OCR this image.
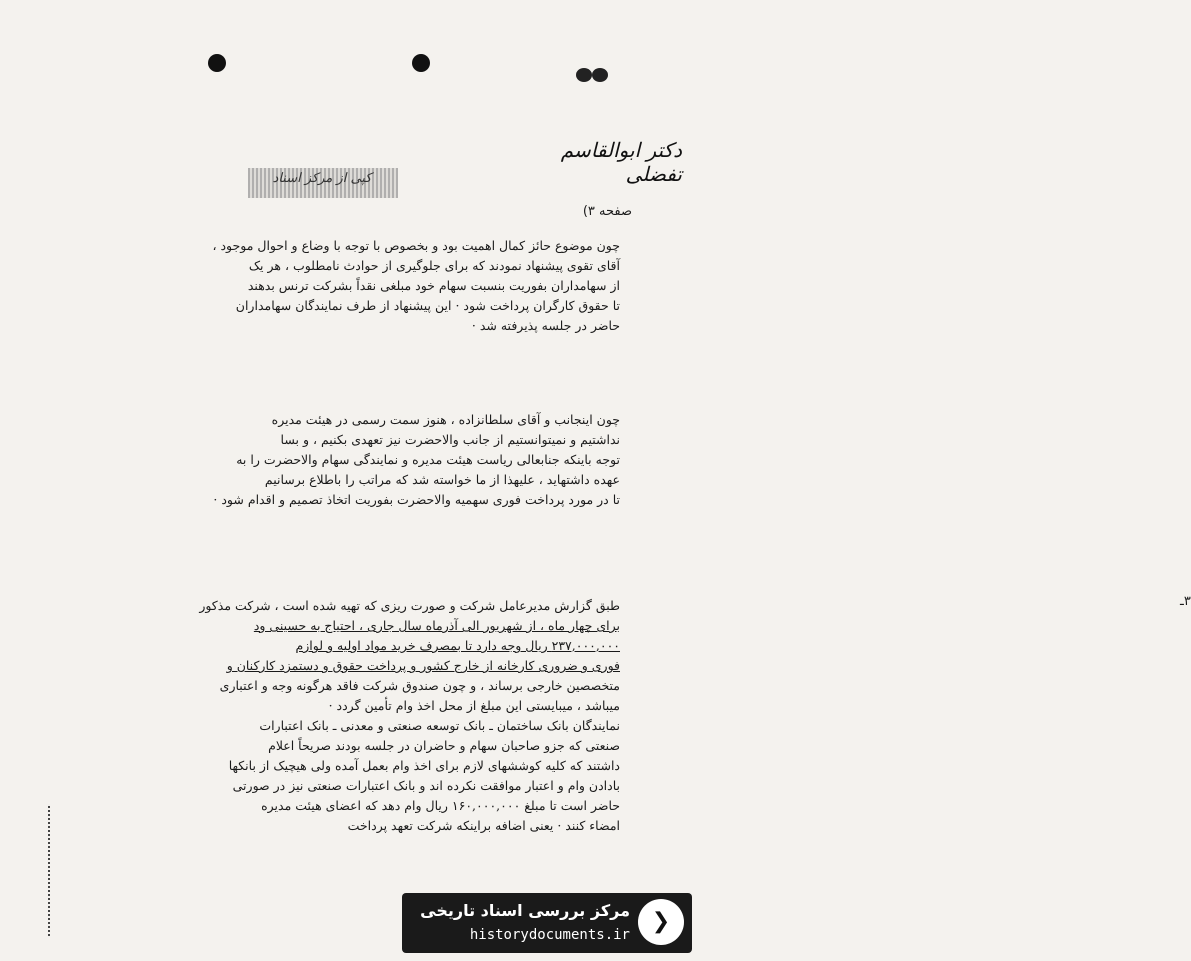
کپی از مرکز اسناد
دکتر ابوالقاسم تفضلی
صفحه ۳)
چون موضوع حائز کمال اهمیت بود و بخصوص با توجه با وضاع و احوال موجود ،
آقای تقوی پیشنهاد نمودند که برای جلوگیری از حوادث نامطلوب ، هر یک
از سهامداران بفوریت بنسبت سهام خود مبلغی نقداً بشرکت ترنس بدهند
تا حقوق کارگران پرداخت شود · این پیشنهاد از طرف نمایندگان سهامداران
حاضر در جلسه پذیرفته شد ·
چون اینجانب و آقای سلطانزاده ، هنوز سمت رسمی در هیئت مدیره
نداشتیم و نمیتوانستیم از جانب والاحضرت نیز تعهدی بکنیم ، و بسا
توجه باینکه جنابعالی ریاست هیئت مدیره و نمایندگی سهام والاحضرت را به
عهده داشتهاید ، علیهذا از ما خواسته شد که مراتب را باطلاع برسانیم
تا در مورد پرداخت فوری سهمیه والاحضرت بفوریت اتخاذ تصمیم و اقدام شود ·
۳ـ
طبق گزارش مدیرعامل شرکت و صورت ریزی که تهیه شده است ، شرکت مذکور
برای چهار ماه ، از شهریور الی آذرماه سال جاری ، احتیاج به حسینی ود
۲۳۷,۰۰۰,۰۰۰ ریال وجه دارد تا بمصرف خرید مواد اولیه و لوازم
فوری و ضروری کارخانه از خارج کشور و پرداخت حقوق و دستمزد کارکنان و
متخصصین خارجی برساند ، و چون صندوق شرکت فاقد هرگونه وجه و اعتباری
میباشد ، میبایستی این مبلغ از محل اخذ وام تأمین گردد ·
نمایندگان بانک ساختمان ـ بانک توسعه صنعتی و معدنی ـ بانک اعتبارات
صنعتی که جزو صاحبان سهام و حاضران در جلسه بودند صریحاً اعلام
داشتند که کلیه کوششهای لازم برای اخذ وام بعمل آمده ولی هیچیک از بانکها
بادادن وام و اعتبار موافقت نکرده اند و بانک اعتبارات صنعتی نیز در صورتی
حاضر است تا مبلغ ۱۶۰,۰۰۰,۰۰۰ ریال وام دهد که اعضای هیئت مدیره
امضاء کنند · یعنی اضافه براینکه شرکت تعهد پرداخت
❯
مرکز بررسی اسناد تاریخی
historydocuments.ir
